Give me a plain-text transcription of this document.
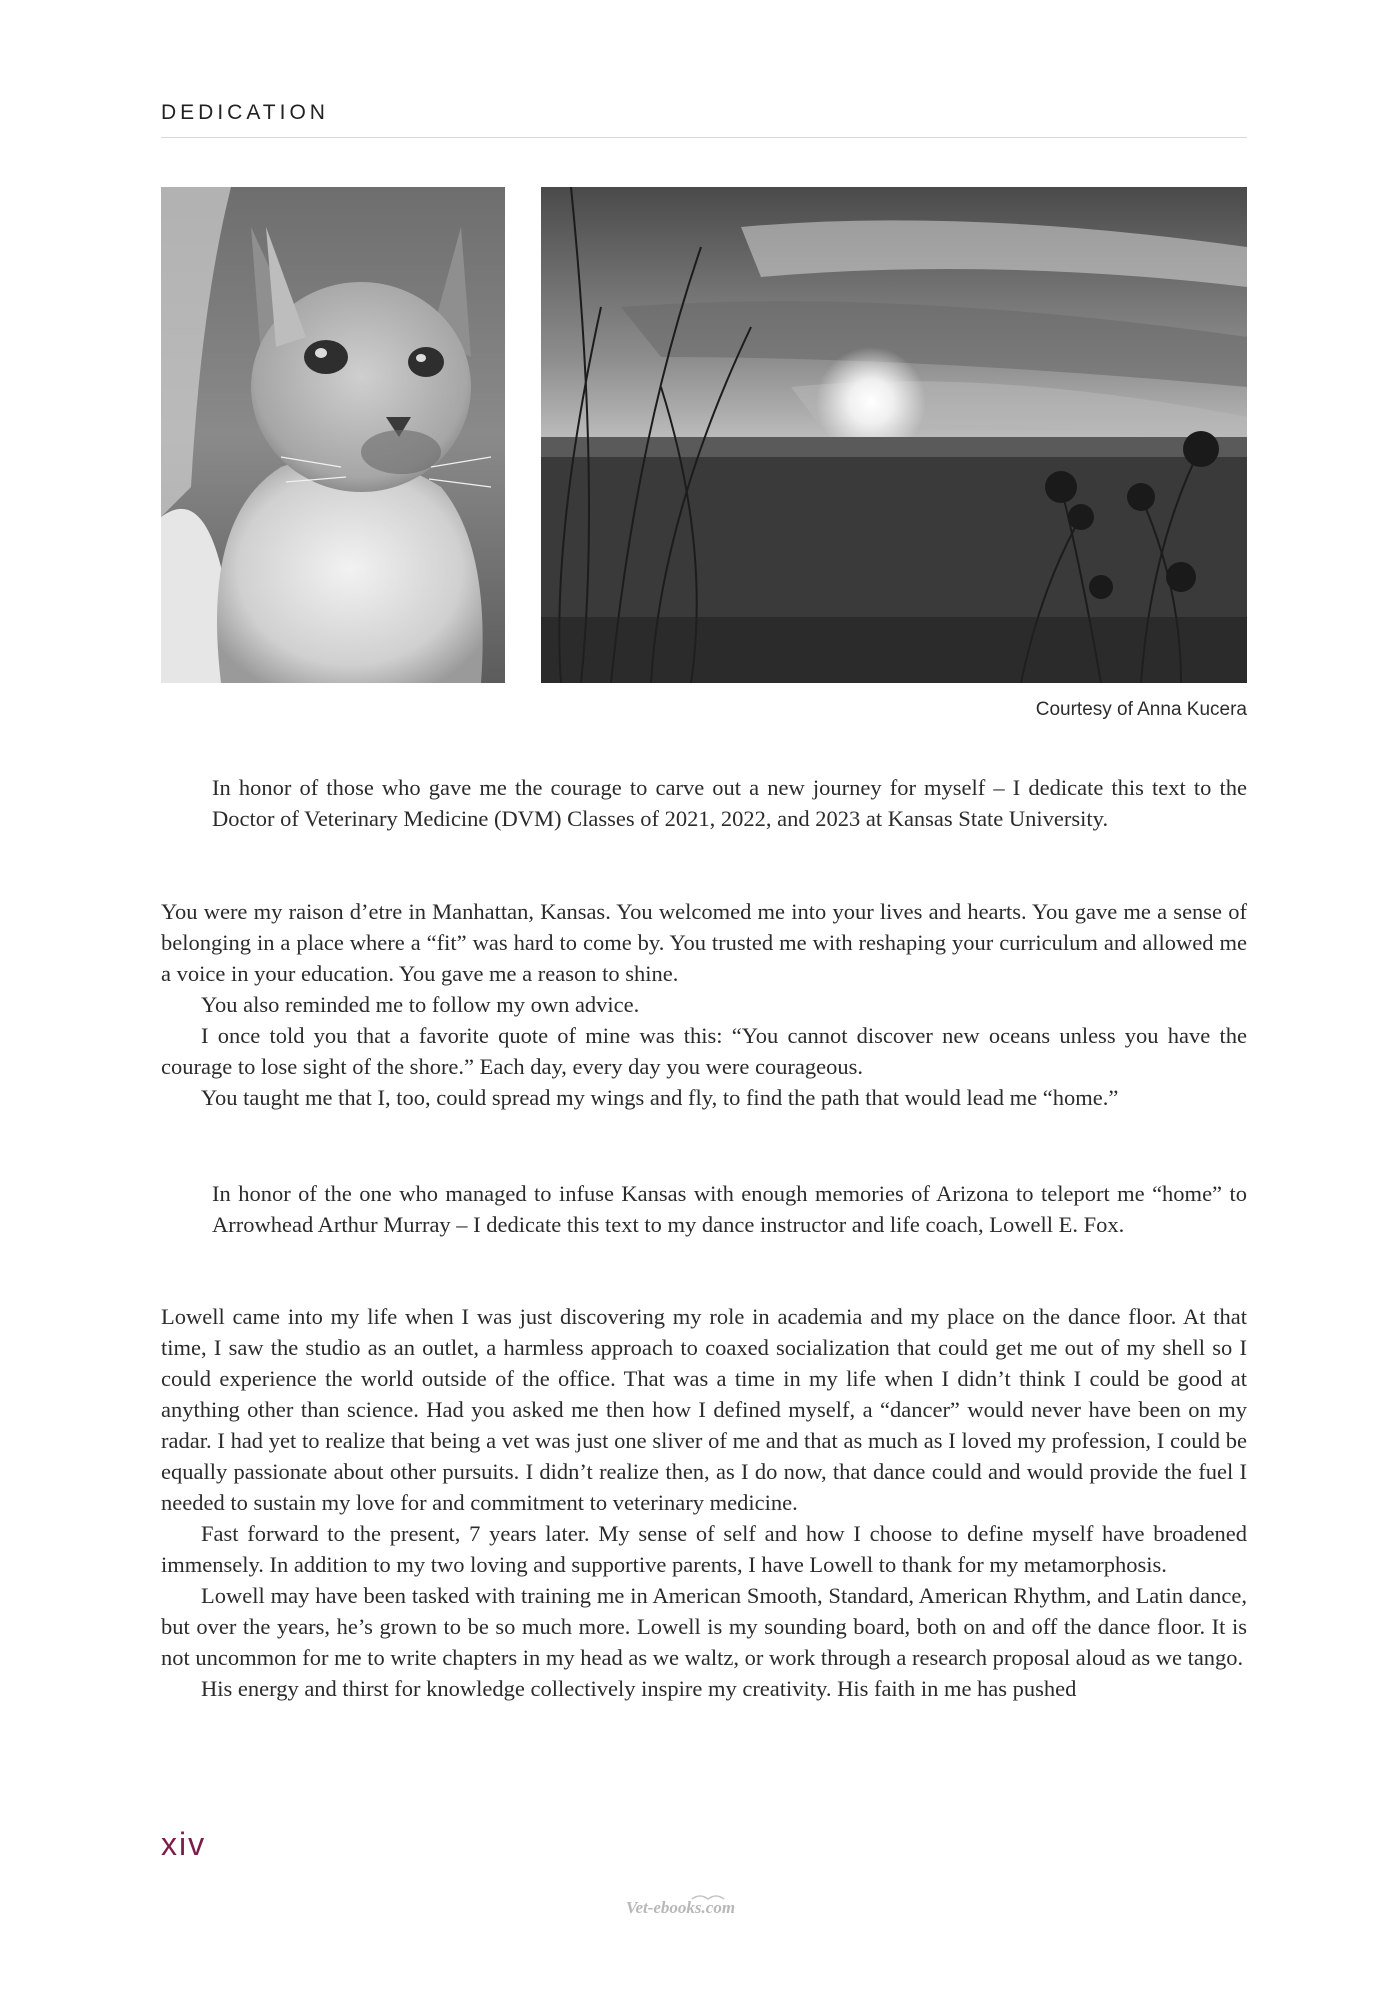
DEDICATION
Courtesy of Anna Kucera

In honor of those who gave me the courage to carve out a new journey for myself – I dedicate this text to the Doctor of Veterinary Medicine (DVM) Classes of 2021, 2022, and 2023 at Kansas State University.

You were my raison d’etre in Manhattan, Kansas. You welcomed me into your lives and hearts. You gave me a sense of belonging in a place where a “fit” was hard to come by. You trusted me with reshaping your curriculum and allowed me a voice in your education. You gave me a reason to shine.

You also reminded me to follow my own advice.

I once told you that a favorite quote of mine was this: “You cannot discover new oceans unless you have the courage to lose sight of the shore.” Each day, every day you were courageous.

You taught me that I, too, could spread my wings and fly, to find the path that would lead me “home.”

In honor of the one who managed to infuse Kansas with enough memories of Arizona to teleport me “home” to Arrowhead Arthur Murray – I dedicate this text to my dance instructor and life coach, Lowell E. Fox.

Lowell came into my life when I was just discovering my role in academia and my place on the dance floor. At that time, I saw the studio as an outlet, a harmless approach to coaxed socialization that could get me out of my shell so I could experience the world outside of the office. That was a time in my life when I didn’t think I could be good at anything other than science. Had you asked me then how I defined myself, a “dancer” would never have been on my radar. I had yet to realize that being a vet was just one sliver of me and that as much as I loved my profession, I could be equally passionate about other pursuits. I didn’t realize then, as I do now, that dance could and would provide the fuel I needed to sustain my love for and commitment to veterinary medicine.

Fast forward to the present, 7 years later. My sense of self and how I choose to define myself have broadened immensely. In addition to my two loving and supportive parents, I have Lowell to thank for my metamorphosis.

Lowell may have been tasked with training me in American Smooth, Standard, American Rhythm, and Latin dance, but over the years, he’s grown to be so much more. Lowell is my sounding board, both on and off the dance floor. It is not uncommon for me to write chapters in my head as we waltz, or work through a research proposal aloud as we tango.

His energy and thirst for knowledge collectively inspire my creativity. His faith in me has pushed

xiv
Vet-ebooks.com
